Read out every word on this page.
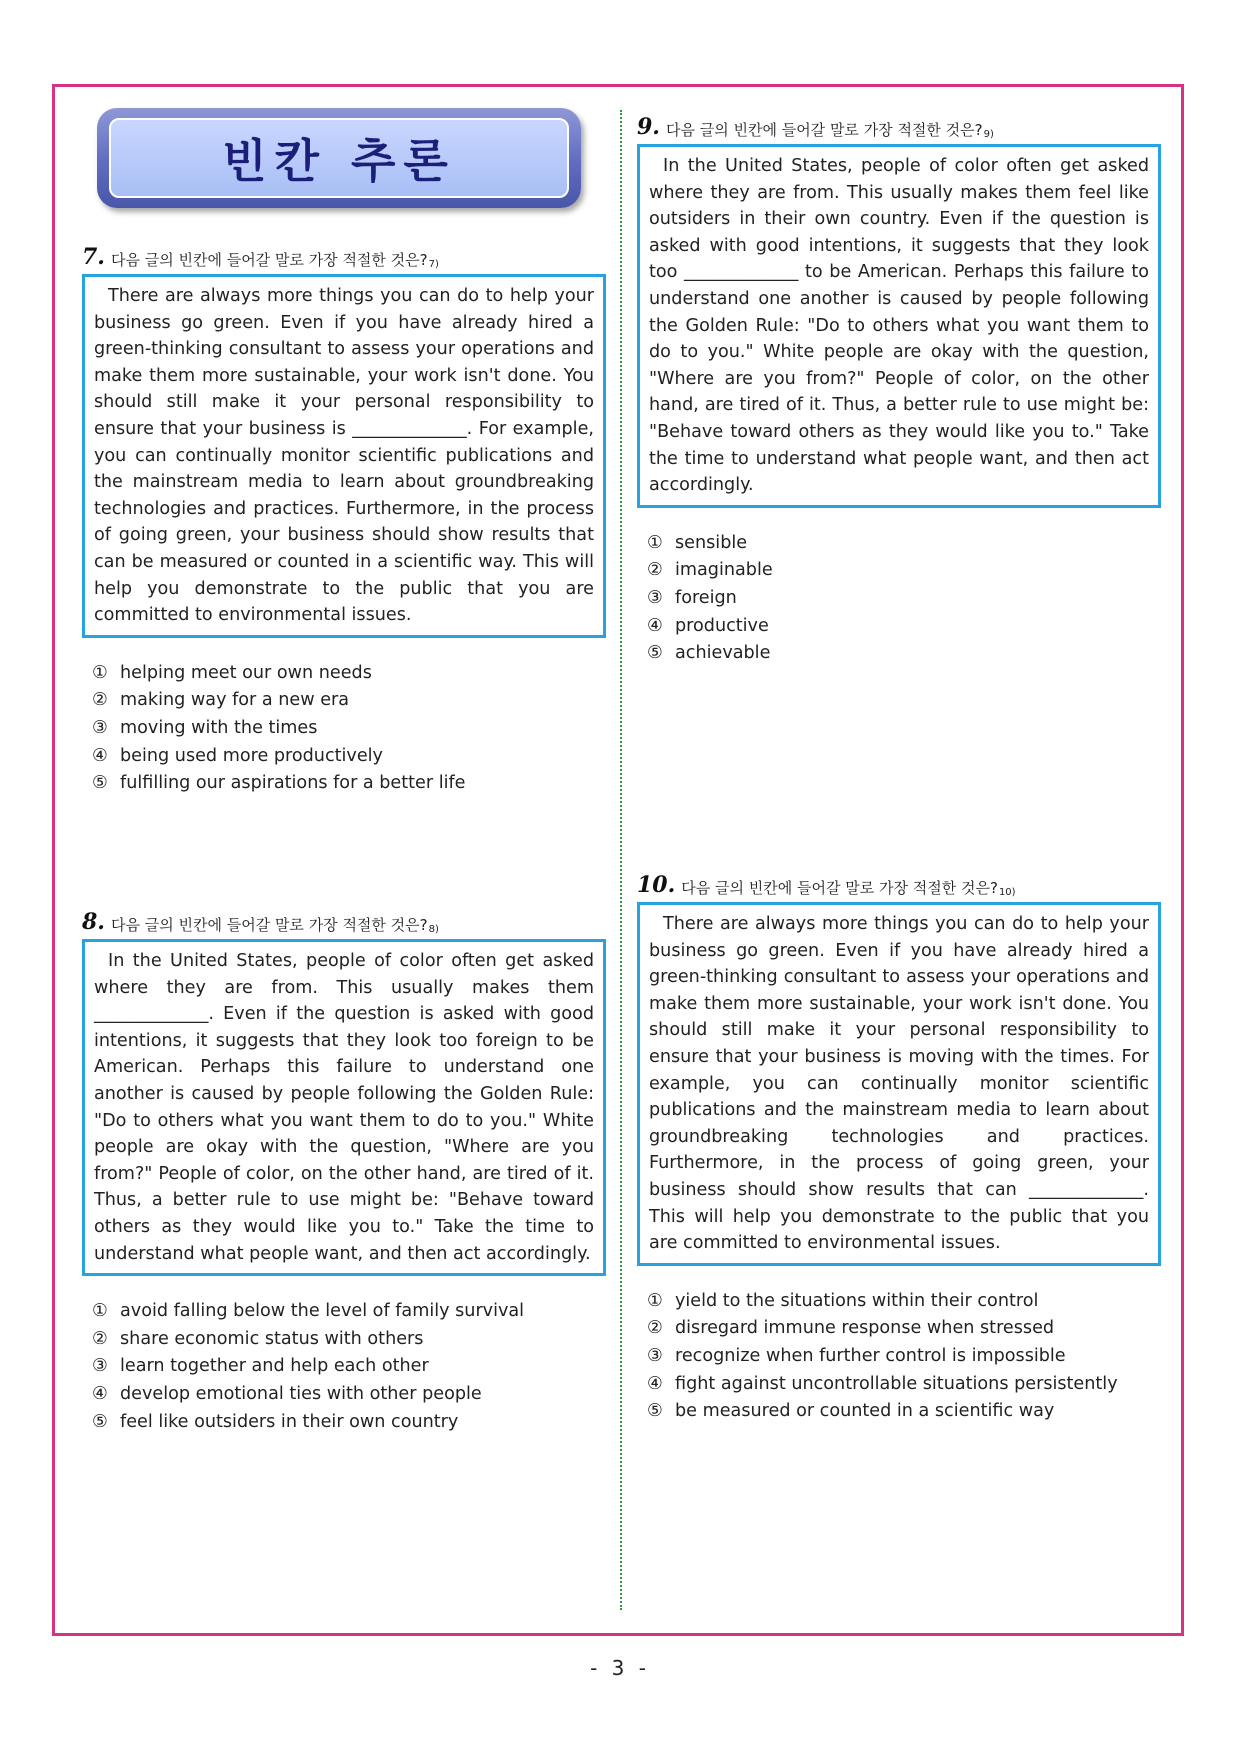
빈칸 추론
7. 다음 글의 빈칸에 들어갈 말로 가장 적절한 것은? 7)
There are always more things you can do to help your business go green. Even if you have already hired a green-thinking consultant to assess your operations and make them more sustainable, your work isn't done. You should still make it your personal responsibility to ensure that your business is _____________. For example, you can continually monitor scientific publications and the mainstream media to learn about groundbreaking technologies and practices. Furthermore, in the process of going green, your business should show results that can be measured or counted in a scientific way. This will help you demonstrate to the public that you are committed to environmental issues.
① helping meet our own needs
② making way for a new era
③ moving with the times
④ being used more productively
⑤ fulfilling our aspirations for a better life
8. 다음 글의 빈칸에 들어갈 말로 가장 적절한 것은? 8)
In the United States, people of color often get asked where they are from. This usually makes them _____________. Even if the question is asked with good intentions, it suggests that they look too foreign to be American. Perhaps this failure to understand one another is caused by people following the Golden Rule: "Do to others what you want them to do to you." White people are okay with the question, "Where are you from?" People of color, on the other hand, are tired of it. Thus, a better rule to use might be: "Behave toward others as they would like you to." Take the time to understand what people want, and then act accordingly.
① avoid falling below the level of family survival
② share economic status with others
③ learn together and help each other
④ develop emotional ties with other people
⑤ feel like outsiders in their own country
9. 다음 글의 빈칸에 들어갈 말로 가장 적절한 것은? 9)
In the United States, people of color often get asked where they are from. This usually makes them feel like outsiders in their own country. Even if the question is asked with good intentions, it suggests that they look too _____________ to be American. Perhaps this failure to understand one another is caused by people following the Golden Rule: "Do to others what you want them to do to you." White people are okay with the question, "Where are you from?" People of color, on the other hand, are tired of it. Thus, a better rule to use might be: "Behave toward others as they would like you to." Take the time to understand what people want, and then act accordingly.
① sensible
② imaginable
③ foreign
④ productive
⑤ achievable
10. 다음 글의 빈칸에 들어갈 말로 가장 적절한 것은? 10)
There are always more things you can do to help your business go green. Even if you have already hired a green-thinking consultant to assess your operations and make them more sustainable, your work isn't done. You should still make it your personal responsibility to ensure that your business is moving with the times. For example, you can continually monitor scientific publications and the mainstream media to learn about groundbreaking technologies and practices. Furthermore, in the process of going green, your business should show results that can _____________. This will help you demonstrate to the public that you are committed to environmental issues.
① yield to the situations within their control
② disregard immune response when stressed
③ recognize when further control is impossible
④ fight against uncontrollable situations persistently
⑤ be measured or counted in a scientific way
- 3 -
